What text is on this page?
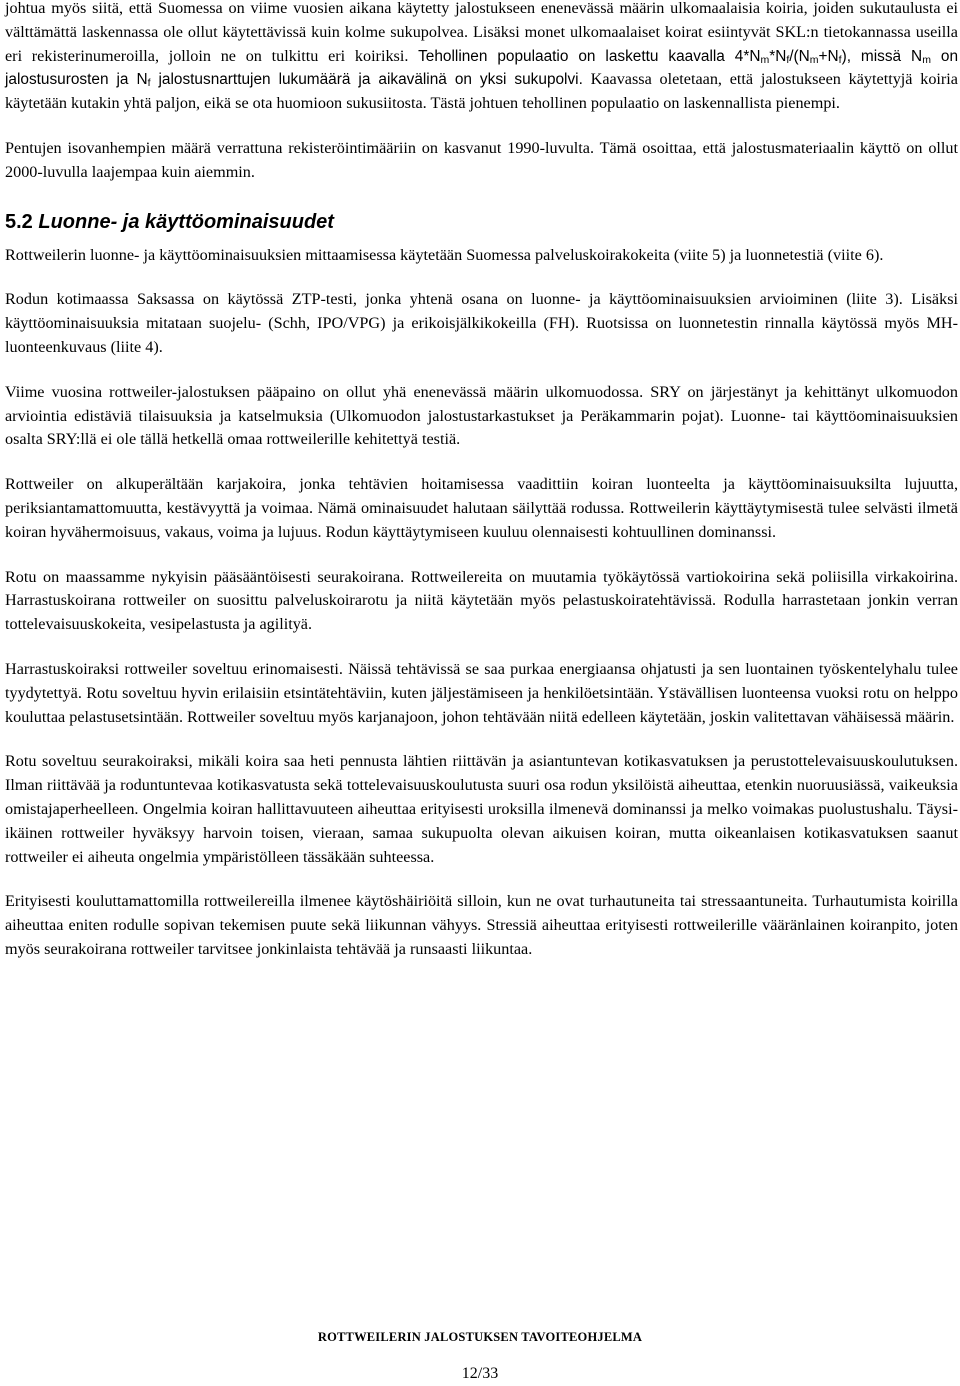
johtua myös siitä, että Suomessa on viime vuosien aikana käytetty jalostukseen enenevässä määrin ulkomaalaisia koiria, joiden sukutaulusta ei välttämättä laskennassa ole ollut käytettävissä kuin kolme sukupolvea. Lisäksi monet ulkomaalaiset koirat esiintyvät SKL:n tietokannassa useilla eri rekisterinumeroilla, jolloin ne on tulkittu eri koiriksi. Tehollinen populaatio on laskettu kaavalla $4*N_m*N_f/(N_m+N_f)$, missä $N_m$ on jalostusurosten ja $N_f$ jalostusnarttujen lukumäärä ja aikavälinä on yksi sukupolvi. Kaavassa oletetaan, että jalostukseen käytettyjä koiria käytetään kutakin yhtä paljon, eikä se ota huomioon sukusiitosta. Tästä johtuen tehollinen populaatio on laskennallista pienempi.

Pentujen isovanhempien määrä verrattuna rekisteröintimääriin on kasvanut 1990-luvulta. Tämä osoittaa, että jalostusmateriaalin käyttö on ollut 2000-luvulla laajempaa kuin aiemmin.

5.2 Luonne- ja käyttöominaisuudet

Rottweilerin luonne- ja käyttöominaisuuksien mittaamisessa käytetään Suomessa palveluskoirakokeita (viite 5) ja luonnetestiä (viite 6).

Rodun kotimaassa Saksassa on käytössä ZTP-testi, jonka yhtenä osana on luonne- ja käyttöominaisuuksien arvioiminen (liite 3). Lisäksi käyttöominaisuuksia mitataan suojelu- (Schh, IPO/VPG) ja erikoisjälkikokeilla (FH). Ruotsissa on luonnetestin rinnalla käytössä myös MH-luonteenkuvaus (liite 4).

Viime vuosina rottweiler-jalostuksen pääpaino on ollut yhä enenevässä määrin ulkomuodossa. SRY on järjestänyt ja kehittänyt ulkomuodon arviointia edistäviä tilaisuuksia ja katselmuksia (Ulkomuodon jalostustarkastukset ja Peräkammarin pojat). Luonne- tai käyttöominaisuuksien osalta SRY:llä ei ole tällä hetkellä omaa rottweilerille kehitettyä testiä.

Rottweiler on alkuperältään karjakoira, jonka tehtävien hoitamisessa vaadittiin koiran luonteelta ja käyttöominaisuuksilta lujuutta, periksiantamattomuutta, kestävyyttä ja voimaa. Nämä ominaisuudet halutaan säilyttää rodussa. Rottweilerin käyttäytymisestä tulee selvästi ilmetä koiran hyvähermoisuus, vakaus, voima ja lujuus. Rodun käyttäytymiseen kuuluu olennaisesti kohtuullinen dominanssi.

Rotu on maassamme nykyisin pääsääntöisesti seurakoirana. Rottweilereita on muutamia työkäytössä vartiokoirina sekä poliisilla virkakoirina. Harrastuskoirana rottweiler on suosittu palveluskoirarotu ja niitä käytetään myös pelastuskoiratehtävissä. Rodulla harrastetaan jonkin verran tottelevaisuuskokeita, vesipelastusta ja agilityä.

Harrastuskoiraksi rottweiler soveltuu erinomaisesti. Näissä tehtävissä se saa purkaa energiaansa ohjatusti ja sen luontainen työskentelyhalu tulee tyydytettyä. Rotu soveltuu hyvin erilaisiin etsintätehtäviin, kuten jäljestämiseen ja henkilöetsintään. Ystävällisen luonteensa vuoksi rotu on helppo kouluttaa pelastusetsintään. Rottweiler soveltuu myös karjanajoon, johon tehtävään niitä edelleen käytetään, joskin valitettavan vähäisessä määrin.

Rotu soveltuu seurakoiraksi, mikäli koira saa heti pennusta lähtien riittävän ja asiantuntevan kotikasvatuksen ja perustottelevaisuuskoulutuksen. Ilman riittävää ja roduntuntevaa kotikasvatusta sekä tottelevaisuuskoulutusta suuri osa rodun yksilöistä aiheuttaa, etenkin nuoruusiässä, vaikeuksia omistajaperheelleen. Ongelmia koiran hallittavuuteen aiheuttaa erityisesti uroksilla ilmenevä dominanssi ja melko voimakas puolustushalu. Täysi-ikäinen rottweiler hyväksyy harvoin toisen, vieraan, samaa sukupuolta olevan aikuisen koiran, mutta oikeanlaisen kotikasvatuksen saanut rottweiler ei aiheuta ongelmia ympäristölleen tässäkään suhteessa.

Erityisesti kouluttamattomilla rottweilereilla ilmenee käytöshäiriöitä silloin, kun ne ovat turhautuneita tai stressaantuneita. Turhautumista koirilla aiheuttaa eniten rodulle sopivan tekemisen puute sekä liikunnan vähyys. Stressiä aiheuttaa erityisesti rottweilerille vääränlainen koiranpito, joten myös seurakoirana rottweiler tarvitsee jonkinlaista tehtävää ja runsaasti liikuntaa.

ROTTWEILERIN JALOSTUKSEN TAVOITEOHJELMA
12/33
